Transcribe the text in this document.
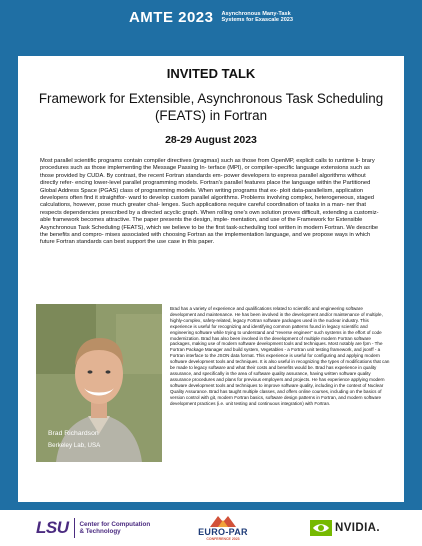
AMTE 2023 Asynchronous Many-Task
Systems for Exascale 2023
INVITED TALK
Framework for Extensible, Asynchronous Task Scheduling (FEATS) in Fortran
28-29 August 2023
Most parallel scientific programs contain compiler directives (pragmas) such as those from OpenMP, explicit calls to runtime li- brary procedures such as those implementing the Message Passing In- terface (MPI), or compiler-specific language extensions such as those provided by CUDA. By contrast, the recent Fortran standards em- power developers to express parallel algorithms without directly refer- encing lower-level parallel programming models. Fortran's parallel features place the language within the Partitioned Global Address Space (PGAS) class of programming models. When writing programs that ex- ploit data-parallelism, application developers often find it straightfor- ward to develop custom parallel algorithms. Problems involving complex, heterogeneous, staged calculations, however, pose much greater chal- lenges. Such applications require careful coordination of tasks in a man- ner that respects dependencies prescribed by a directed acyclic graph. When rolling one's own solution proves difficult, extending a customiz- able framework becomes attractive. The paper presents the design, imple- mentation, and use of the Framework for Extensible Asynchronous Task Scheduling (FEATS), which we believe to be the first task-scheduling tool written in modern Fortran. We describe the benefits and compro- mises associated with choosing Fortran as the implementation language, and we propose ways in which future Fortran standards can best support the use case in this paper.
Brad Richardson
Berkeley Lab, USA
Brad has a variety of experience and qualifications related to scientific and engineering software development and maintenance. He has been involved in the development and/or maintenance of multiple, highly-complex, safety-related, legacy Fortran software packages used in the nuclear industry. This experience is useful for recognizing and identifying common patterns found in legacy scientific and engineering software while trying to understand and "reverse engineer" such systems in the effort of code modernization. Brad has also been involved in the development of multiple modern Fortran software packages, making use of modern software development tools and techniques. Most notably are fpm - The Fortran Package Manager and build system, Vegetables - a Fortran unit testing framework, and jsonff - a Fortran interface to the JSON data format. This experience is useful for configuring and applying modern software development tools and techniques. It is also useful in recognizing the types of modifications that can be made to legacy software and what their costs and benefits would be. Brad has experience in quality assurance, and specifically in the area of software quality assurance, having written software quality assurance procedures and plans for previous employers and projects. He has experience applying modern software development tools and techniques to improve software quality, including in the context of Nuclear Quality Assurance. Brad has taught multiple classes, and offers online courses, including on the basics of version control with git, modern Fortran basics, software design patterns in Fortran, and modern software development practices (i.e. unit testing and continuous integration) with Fortran.
LSU Center for Computation
& Technology	EURO-PAR
CONFERENCE 2023
NVIDIA.
